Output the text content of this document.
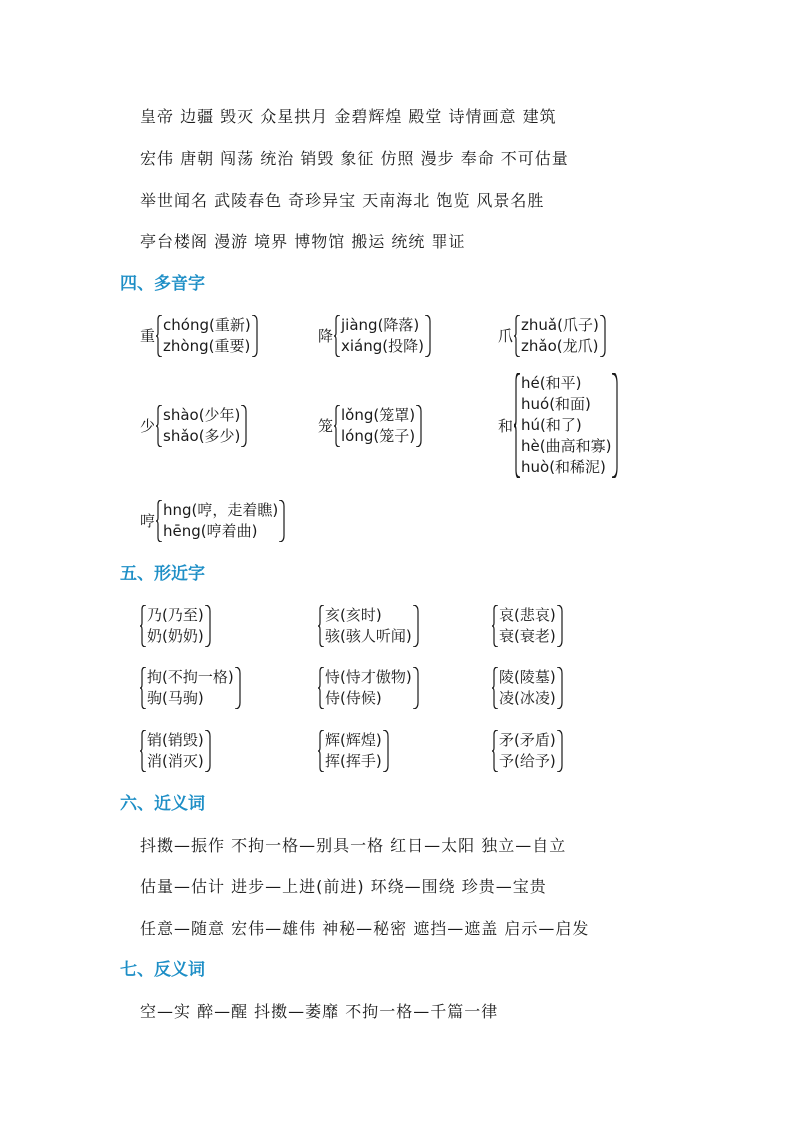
皇帝 边疆 毁灭 众星拱月 金碧辉煌 殿堂 诗情画意 建筑
宏伟 唐朝 闯荡 统治 销毁 象征 仿照 漫步 奉命 不可估量
举世闻名 武陵春色 奇珍异宝 天南海北 饱览 风景名胜
亭台楼阁 漫游 境界 博物馆 搬运 统统 罪证
四、多音字
重
chóng(重新)
zhòng(重要)
降
jiàng(降落)
xiáng(投降)
爪
zhuǎ(爪子)
zhǎo(龙爪)
少
shào(少年)
shǎo(多少)
笼
lǒng(笼罩)
lóng(笼子)
和
hé(和平)
huó(和面)
hú(和了)
hè(曲高和寡)
huò(和稀泥)
哼
hng(哼，走着瞧)
hēng(哼着曲)
五、形近字
乃(乃至)
奶(奶奶)
亥(亥时)
骇(骇人听闻)
哀(悲哀)
衰(衰老)
拘(不拘一格)
驹(马驹)
恃(恃才傲物)
侍(侍候)
陵(陵墓)
凌(冰凌)
销(销毁)
消(消灭)
辉(辉煌)
挥(挥手)
矛(矛盾)
予(给予)
六、近义词
抖擞—振作 不拘一格—别具一格 红日—太阳 独立—自立
估量—估计 进步—上进(前进) 环绕—围绕 珍贵—宝贵
任意—随意 宏伟—雄伟 神秘—秘密 遮挡—遮盖 启示—启发
七、反义词
空—实 醉—醒 抖擞—萎靡 不拘一格—千篇一律
